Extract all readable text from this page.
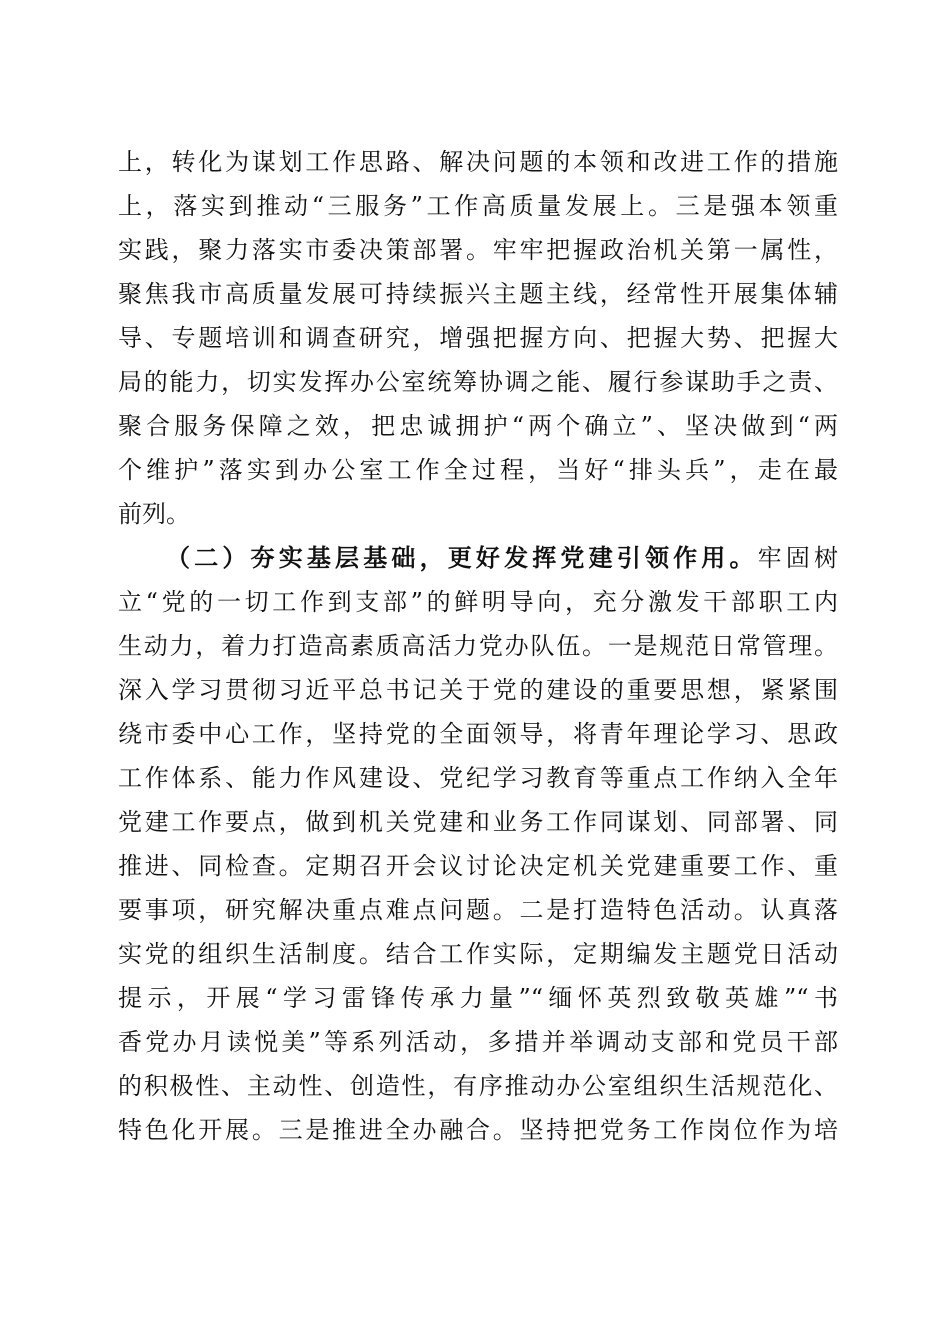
上，转化为谋划工作思路、解决问题的本领和改进工作的措施
上，落实到推动“三服务”工作高质量发展上。三是强本领重
实践，聚力落实市委决策部署。牢牢把握政治机关第一属性，
聚焦我市高质量发展可持续振兴主题主线，经常性开展集体辅
导、专题培训和调查研究，增强把握方向、把握大势、把握大
局的能力，切实发挥办公室统筹协调之能、履行参谋助手之责、
聚合服务保障之效，把忠诚拥护“两个确立”、坚决做到“两
个维护”落实到办公室工作全过程，当好“排头兵”，走在最
前列。
（二）夯实基层基础，更好发挥党建引领作用。牢固树
立“党的一切工作到支部”的鲜明导向，充分激发干部职工内
生动力，着力打造高素质高活力党办队伍。一是规范日常管理。
深入学习贯彻习近平总书记关于党的建设的重要思想，紧紧围
绕市委中心工作，坚持党的全面领导，将青年理论学习、思政
工作体系、能力作风建设、党纪学习教育等重点工作纳入全年
党建工作要点，做到机关党建和业务工作同谋划、同部署、同
推进、同检查。定期召开会议讨论决定机关党建重要工作、重
要事项，研究解决重点难点问题。二是打造特色活动。认真落
实党的组织生活制度。结合工作实际，定期编发主题党日活动
提示，开展“学习雷锋传承力量”“缅怀英烈致敬英雄”“书
香党办月读悦美”等系列活动，多措并举调动支部和党员干部
的积极性、主动性、创造性，有序推动办公室组织生活规范化、
特色化开展。三是推进全办融合。坚持把党务工作岗位作为培
